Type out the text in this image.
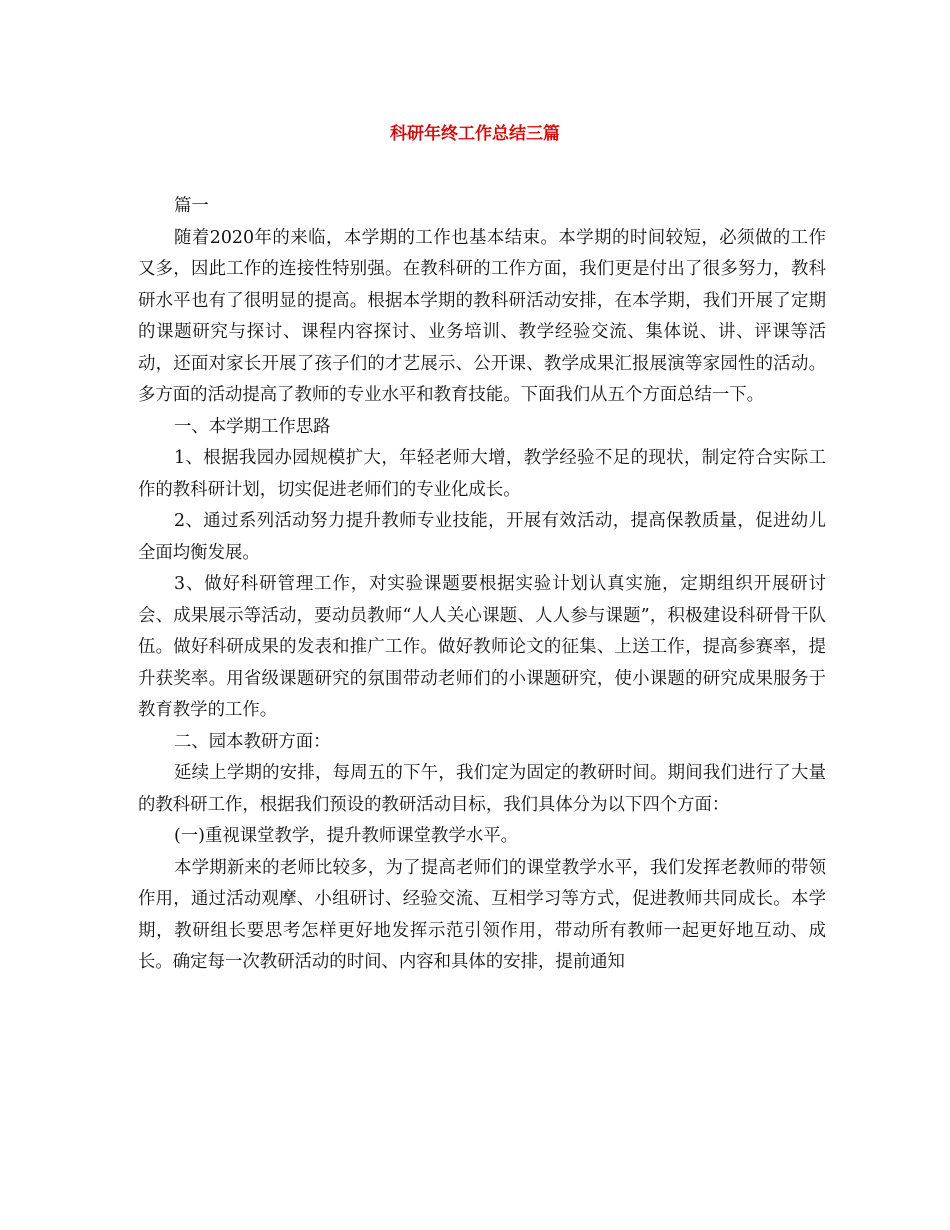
科研年终工作总结三篇

篇一

随着2020年的来临，本学期的工作也基本结束。本学期的时间较短，必须做的工作又多，因此工作的连接性特别强。在教科研的工作方面，我们更是付出了很多努力，教科研水平也有了很明显的提高。根据本学期的教科研活动安排，在本学期，我们开展了定期的课题研究与探讨、课程内容探讨、业务培训、教学经验交流、集体说、讲、评课等活动，还面对家长开展了孩子们的才艺展示、公开课、教学成果汇报展演等家园性的活动。多方面的活动提高了教师的专业水平和教育技能。下面我们从五个方面总结一下。

一、本学期工作思路

1、根据我园办园规模扩大，年轻老师大增，教学经验不足的现状，制定符合实际工作的教科研计划，切实促进老师们的专业化成长。

2、通过系列活动努力提升教师专业技能，开展有效活动，提高保教质量，促进幼儿全面均衡发展。

3、做好科研管理工作，对实验课题要根据实验计划认真实施，定期组织开展研讨会、成果展示等活动，要动员教师“人人关心课题、人人参与课题”，积极建设科研骨干队伍。做好科研成果的发表和推广工作。做好教师论文的征集、上送工作，提高参赛率，提升获奖率。用省级课题研究的氛围带动老师们的小课题研究，使小课题的研究成果服务于教育教学的工作。

二、园本教研方面：

延续上学期的安排，每周五的下午，我们定为固定的教研时间。期间我们进行了大量的教科研工作，根据我们预设的教研活动目标，我们具体分为以下四个方面：

(一)重视课堂教学，提升教师课堂教学水平。

本学期新来的老师比较多，为了提高老师们的课堂教学水平，我们发挥老教师的带领作用，通过活动观摩、小组研讨、经验交流、互相学习等方式，促进教师共同成长。本学期，教研组长要思考怎样更好地发挥示范引领作用，带动所有教师一起更好地互动、成长。确定每一次教研活动的时间、内容和具体的安排，提前通知
